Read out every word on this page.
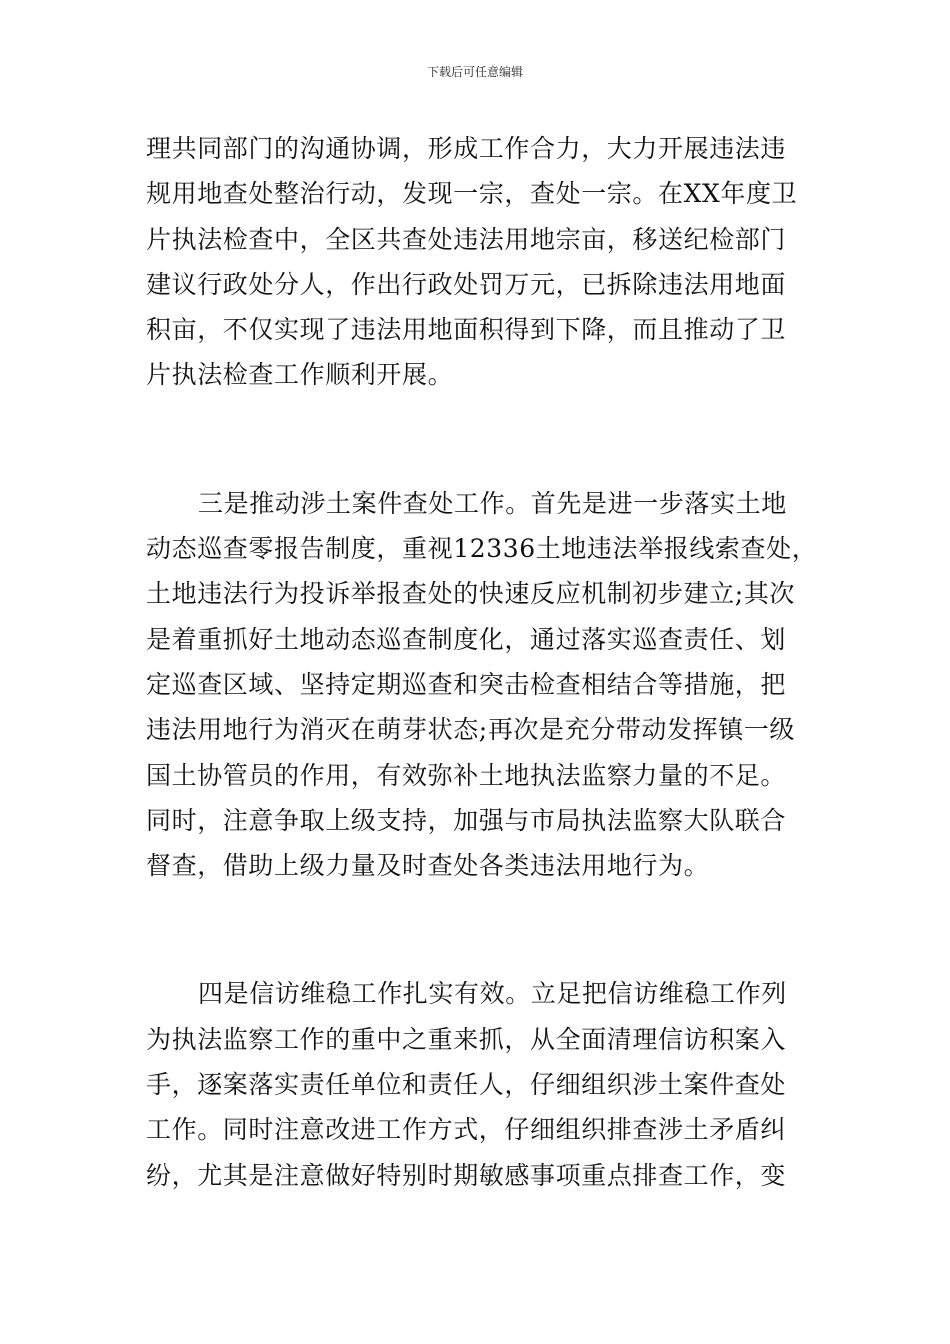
下载后可任意编辑
理共同部门的沟通协调，形成工作合力，大力开展违法违
规用地查处整治行动，发现一宗，查处一宗。在XX年度卫
片执法检查中，全区共查处违法用地宗亩，移送纪检部门
建议行政处分人，作出行政处罚万元，已拆除违法用地面
积亩，不仅实现了违法用地面积得到下降，而且推动了卫
片执法检查工作顺利开展。
三是推动涉土案件查处工作。首先是进一步落实土地
动态巡查零报告制度，重视12336土地违法举报线索查处，
土地违法行为投诉举报查处的快速反应机制初步建立;其次
是着重抓好土地动态巡查制度化，通过落实巡查责任、划
定巡查区域、坚持定期巡查和突击检查相结合等措施，把
违法用地行为消灭在萌芽状态;再次是充分带动发挥镇一级
国土协管员的作用，有效弥补土地执法监察力量的不足。
同时，注意争取上级支持，加强与市局执法监察大队联合
督查，借助上级力量及时查处各类违法用地行为。
四是信访维稳工作扎实有效。立足把信访维稳工作列
为执法监察工作的重中之重来抓，从全面清理信访积案入
手，逐案落实责任单位和责任人，仔细组织涉土案件查处
工作。同时注意改进工作方式，仔细组织排查涉土矛盾纠
纷，尤其是注意做好特别时期敏感事项重点排查工作，变
